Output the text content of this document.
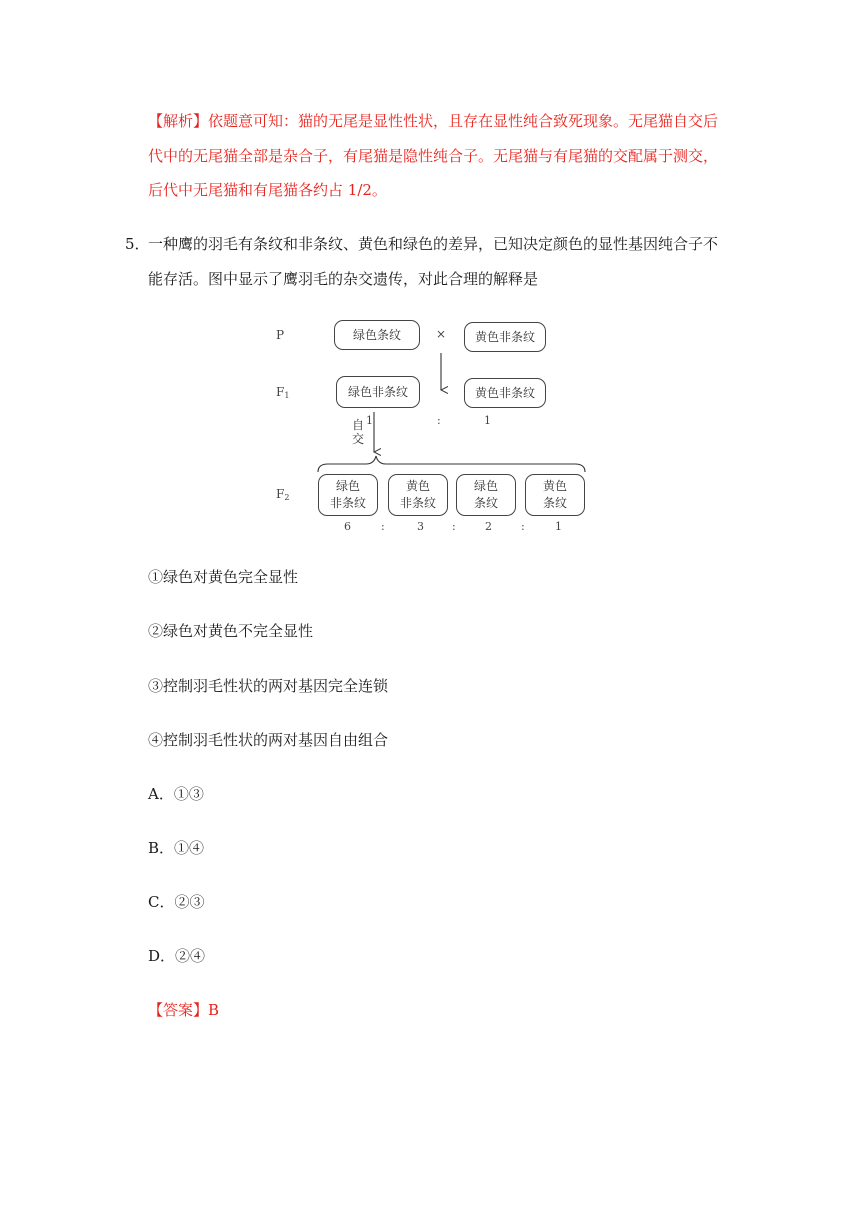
【解析】依题意可知：猫的无尾是显性性状，且存在显性纯合致死现象。无尾猫自交后
代中的无尾猫全部是杂合子，有尾猫是隐性纯合子。无尾猫与有尾猫的交配属于测交，
后代中无尾猫和有尾猫各约占 1/2。
5．
一种鹰的羽毛有条纹和非条纹、黄色和绿色的差异，已知决定颜色的显性基因纯合子不
能存活。图中显示了鹰羽毛的杂交遗传，对此合理的解释是
P	绿色条纹	×	黄色非条纹
$F_1$	绿色非条纹	黄色非条纹
1	:	1
自交
$F_2$
绿色
非条纹
黄色
非条纹
绿色
条纹
黄色
条纹
6	:	3	:	2	:	1
①绿色对黄色完全显性
②绿色对黄色不完全显性
③控制羽毛性状的两对基因完全连锁
④控制羽毛性状的两对基因自由组合
A．①③
B．①④
C．②③
D．②④
【答案】B
